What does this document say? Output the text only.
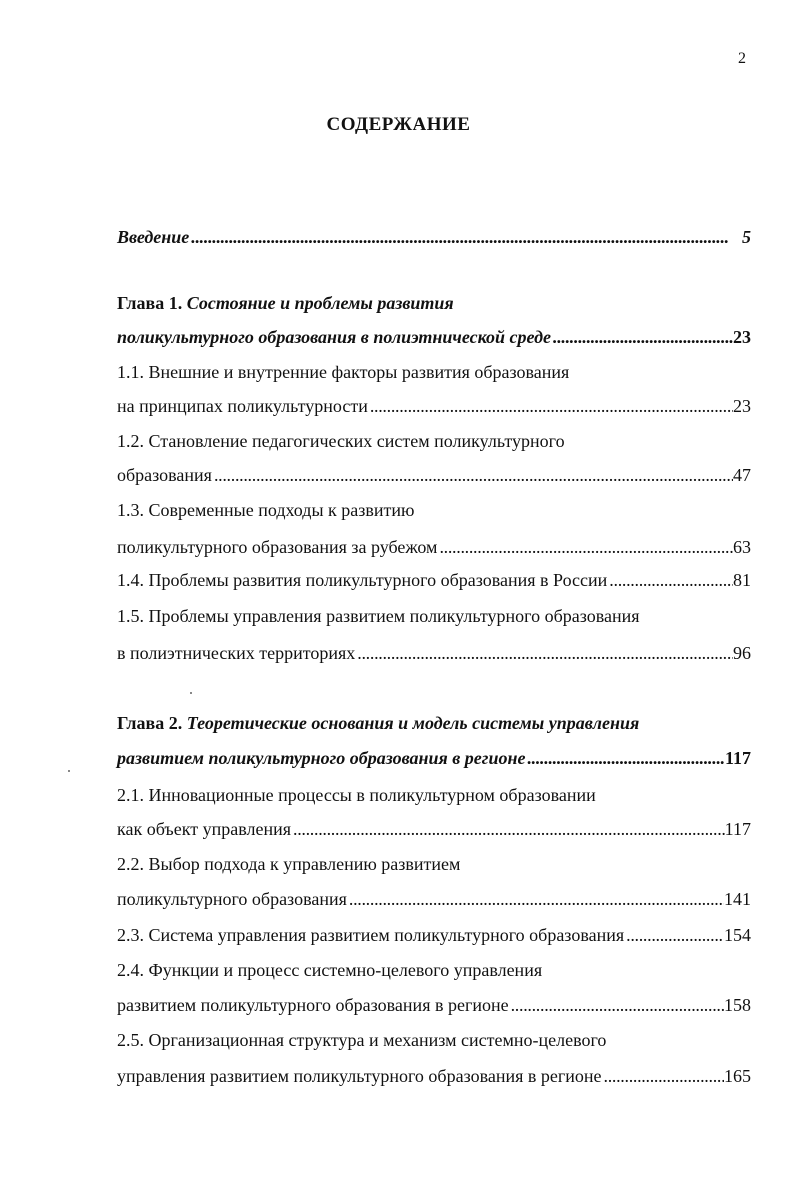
2
СОДЕРЖАНИЕ
Введение . . .	5
Глава 1. Состояние и проблемы развития
поликультурного образования в полиэтнической среде . . .	23
1.1. Внешние и внутренние факторы развития образования
на принципах поликультурности . . .	23
1.2. Становление педагогических систем поликультурного
образования . . .	47
1.3. Современные подходы к развитию
поликультурного образования за рубежом . . .	63
1.4. Проблемы развития поликультурного образования в России . . .	81
1.5. Проблемы управления развитием поликультурного образования
в полиэтнических территориях . . .	96
Глава 2. Теоретические основания и модель системы управления
развитием поликультурного образования в регионе . . .	117
2.1. Инновационные процессы в поликультурном образовании
как объект управления . . .	117
2.2. Выбор подхода к управлению развитием
поликультурного образования . . .	141
2.3. Система управления развитием поликультурного образования . . .	154
2.4. Функции и процесс системно-целевого управления
развитием поликультурного образования в регионе . . .	158
2.5. Организационная структура и механизм системно-целевого
управления развитием поликультурного образования в регионе . . .	165
